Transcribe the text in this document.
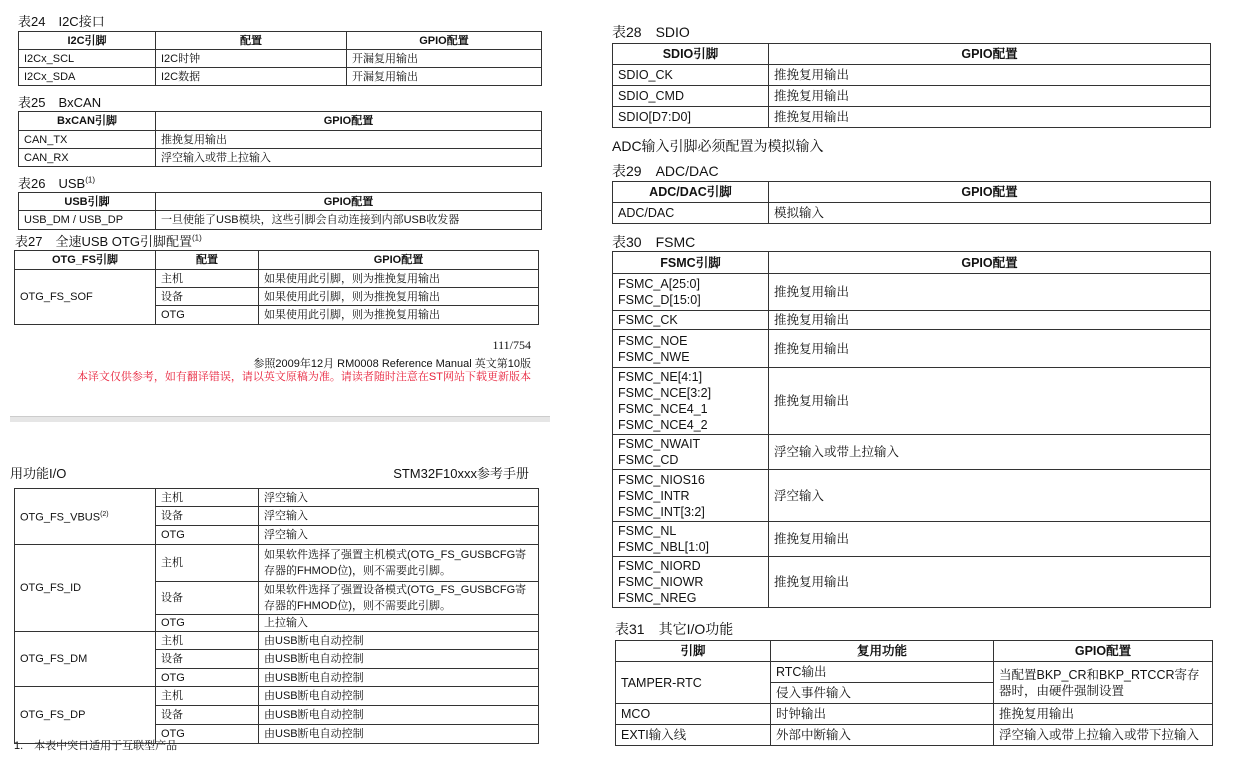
表24　I2C接口
表25　BxCAN
表26　USB$^{(1)}$
表27　全速USB OTG引脚配置$^{(1)}$
111/754
参照2009年12月 RM0008 Reference Manual 英文第10版
本译文仅供参考，如有翻译错误，请以英文原稿为准。请读者随时注意在ST网站下载更新版本
用功能I/O	STM32F10xxx参考手册
1.　本表中突日适用于互联型产品
表28　SDIO
ADC输入引脚必须配置为模拟输入
表29　ADC/DAC
表30　FSMC
表31　其它I/O功能
I2C引脚	配置	GPIO配置
I2Cx_SCL	I2C时钟	开漏复用输出
I2Cx_SDA	I2C数据	开漏复用输出
BxCAN引脚	GPIO配置
CAN_TX	推挽复用输出
CAN_RX	浮空输入或带上拉输入
USB引脚	GPIO配置
USB_DM / USB_DP	一旦使能了USB模块，这些引脚会自动连接到内部USB收发器
OTG_FS引脚	配置	GPIO配置
OTG_FS_SOF	主机	如果使用此引脚，则为推挽复用输出
	设备	如果使用此引脚，则为推挽复用输出
	OTG	如果使用此引脚，则为推挽复用输出
OTG_FS_VBUS$^{(2)}$	主机	浮空输入
	设备	浮空输入
	OTG	浮空输入
OTG_FS_ID	主机	如果软件选择了强置主机模式(OTG_FS_GUSBCFG寄存器的FHMOD位)，则不需要此引脚。
	设备	如果软件选择了强置设备模式(OTG_FS_GUSBCFG寄存器的FHMOD位)，则不需要此引脚。
	OTG	上拉输入
OTG_FS_DM	主机	由USB断电自动控制
	设备	由USB断电自动控制
	OTG	由USB断电自动控制
OTG_FS_DP	主机	由USB断电自动控制
	设备	由USB断电自动控制
	OTG	由USB断电自动控制
SDIO引脚	GPIO配置
SDIO_CK	推挽复用输出
SDIO_CMD	推挽复用输出
SDIO[D7:D0]	推挽复用输出
ADC/DAC引脚	GPIO配置
ADC/DAC	模拟输入
FSMC引脚	GPIO配置
FSMC_A[25:0]
FSMC_D[15:0]	推挽复用输出
FSMC_CK	推挽复用输出
FSMC_NOE
FSMC_NWE	推挽复用输出
FSMC_NE[4:1]
FSMC_NCE[3:2]
FSMC_NCE4_1
FSMC_NCE4_2	推挽复用输出
FSMC_NWAIT
FSMC_CD	浮空输入或带上拉输入
FSMC_NIOS16
FSMC_INTR
FSMC_INT[3:2]	浮空输入
FSMC_NL
FSMC_NBL[1:0]	推挽复用输出
FSMC_NIORD
FSMC_NIOWR
FSMC_NREG	推挽复用输出
引脚	复用功能	GPIO配置
TAMPER-RTC	RTC输出	当配置BKP_CR和BKP_RTCCR寄存器时，由硬件强制设置
	侵入事件输入	
MCO	时钟输出	推挽复用输出
EXTI输入线	外部中断输入	浮空输入或带上拉输入或带下拉输入
